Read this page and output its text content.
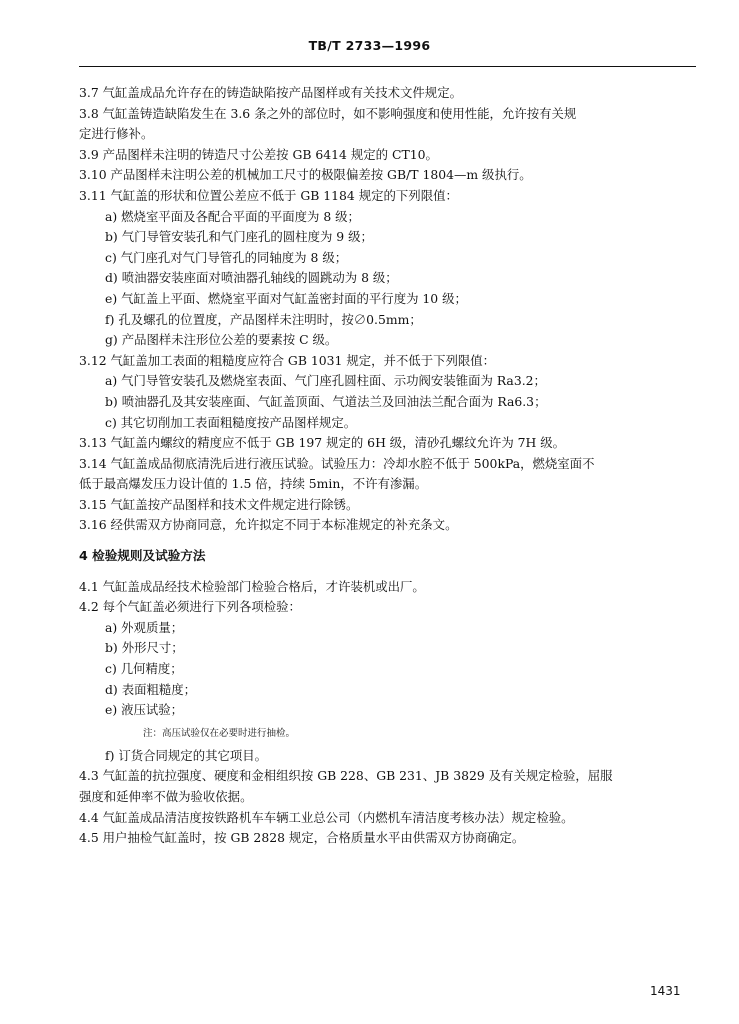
TB/T 2733—1996
3.7 气缸盖成品允许存在的铸造缺陷按产品图样或有关技术文件规定。
3.8 气缸盖铸造缺陷发生在 3.6 条之外的部位时，如不影响强度和使用性能，允许按有关规
定进行修补。
3.9 产品图样未注明的铸造尺寸公差按 GB 6414 规定的 CT10。
3.10 产品图样未注明公差的机械加工尺寸的极限偏差按 GB/T 1804—m 级执行。
3.11 气缸盖的形状和位置公差应不低于 GB 1184 规定的下列限值：
a) 燃烧室平面及各配合平面的平面度为 8 级；
b) 气门导管安装孔和气门座孔的圆柱度为 9 级；
c) 气门座孔对气门导管孔的同轴度为 8 级；
d) 喷油器安装座面对喷油器孔轴线的圆跳动为 8 级；
e) 气缸盖上平面、燃烧室平面对气缸盖密封面的平行度为 10 级；
f) 孔及螺孔的位置度，产品图样未注明时，按∅0.5mm；
g) 产品图样未注形位公差的要素按 C 级。
3.12 气缸盖加工表面的粗糙度应符合 GB 1031 规定，并不低于下列限值：
a) 气门导管安装孔及燃烧室表面、气门座孔圆柱面、示功阀安装锥面为 Ra3.2；
b) 喷油器孔及其安装座面、气缸盖顶面、气道法兰及回油法兰配合面为 Ra6.3；
c) 其它切削加工表面粗糙度按产品图样规定。
3.13 气缸盖内螺纹的精度应不低于 GB 197 规定的 6H 级，清砂孔螺纹允许为 7H 级。
3.14 气缸盖成品彻底清洗后进行液压试验。试验压力：冷却水腔不低于 500kPa，燃烧室面不
低于最高爆发压力设计值的 1.5 倍，持续 5min，不许有渗漏。
3.15 气缸盖按产品图样和技术文件规定进行除锈。
3.16 经供需双方协商同意，允许拟定不同于本标准规定的补充条文。
4 检验规则及试验方法
4.1 气缸盖成品经技术检验部门检验合格后，才许装机或出厂。
4.2 每个气缸盖必须进行下列各项检验：
a) 外观质量；
b) 外形尺寸；
c) 几何精度；
d) 表面粗糙度；
e) 液压试验；
注：高压试验仅在必要时进行抽检。
f) 订货合同规定的其它项目。
4.3 气缸盖的抗拉强度、硬度和金相组织按 GB 228、GB 231、JB 3829 及有关规定检验，屈服
强度和延伸率不做为验收依据。
4.4 气缸盖成品清洁度按铁路机车车辆工业总公司（内燃机车清洁度考核办法）规定检验。
4.5 用户抽检气缸盖时，按 GB 2828 规定，合格质量水平由供需双方协商确定。
1431
